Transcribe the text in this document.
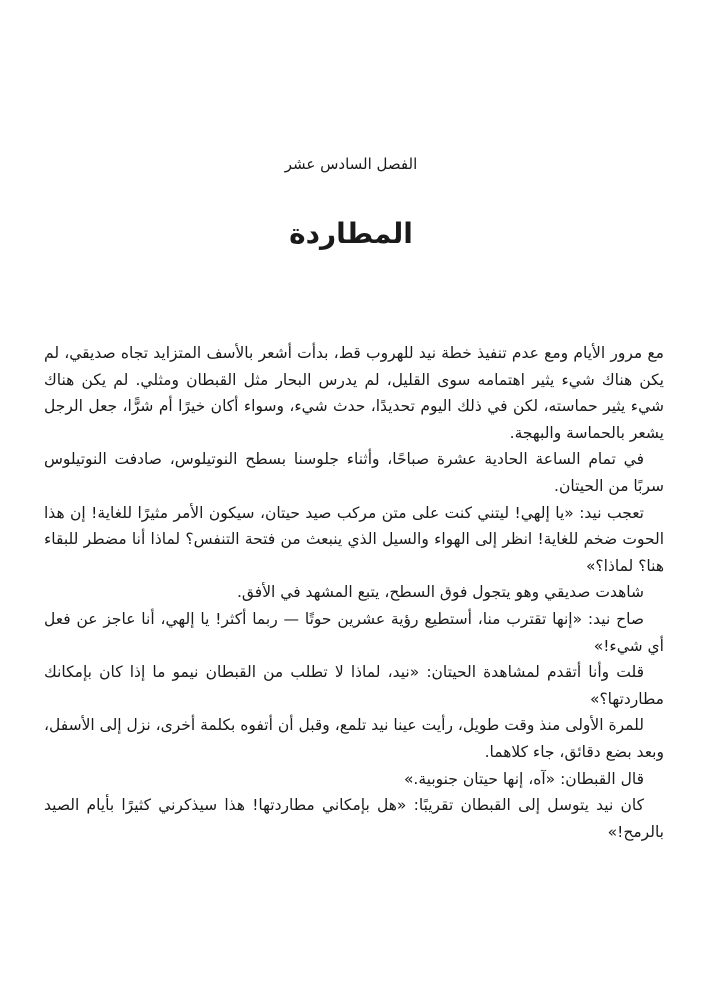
الفصل السادس عشر
المطاردة

مع مرور الأيام ومع عدم تنفيذ خطة نيد للهروب قط، بدأت أشعر بالأسف المتزايد تجاه صديقي، لم يكن هناك شيء يثير اهتمامه سوى القليل، لم يدرس البحار مثل القبطان ومثلي. لم يكن هناك شيء يثير حماسته، لكن في ذلك اليوم تحديدًا، حدث شيء، وسواء أكان خيرًا أم شرًّا، جعل الرجل يشعر بالحماسة والبهجة.

في تمام الساعة الحادية عشرة صباحًا، وأثناء جلوسنا بسطح النوتيلوس، صادفت النوتيلوس سربًا من الحيتان.

تعجب نيد: «يا إلهي! ليتني كنت على متن مركب صيد حيتان، سيكون الأمر مثيرًا للغاية! إن هذا الحوت ضخم للغاية! انظر إلى الهواء والسيل الذي ينبعث من فتحة التنفس؟ لماذا أنا مضطر للبقاء هنا؟ لماذا؟»

شاهدت صديقي وهو يتجول فوق السطح، يتبع المشهد في الأفق.

صاح نيد: «إنها تقترب منا، أستطيع رؤية عشرين حوتًا — ربما أكثر! يا إلهي، أنا عاجز عن فعل أي شيء!»

قلت وأنا أتقدم لمشاهدة الحيتان: «نيد، لماذا لا تطلب من القبطان نيمو ما إذا كان بإمكانك مطاردتها؟»

للمرة الأولى منذ وقت طويل، رأيت عينا نيد تلمع، وقبل أن أتفوه بكلمة أخرى، نزل إلى الأسفل، وبعد بضع دقائق، جاء كلاهما.

قال القبطان: «آه، إنها حيتان جنوبية.»

كان نيد يتوسل إلى القبطان تقريبًا: «هل بإمكاني مطاردتها! هذا سيذكرني كثيرًا بأيام الصيد بالرمح!»
